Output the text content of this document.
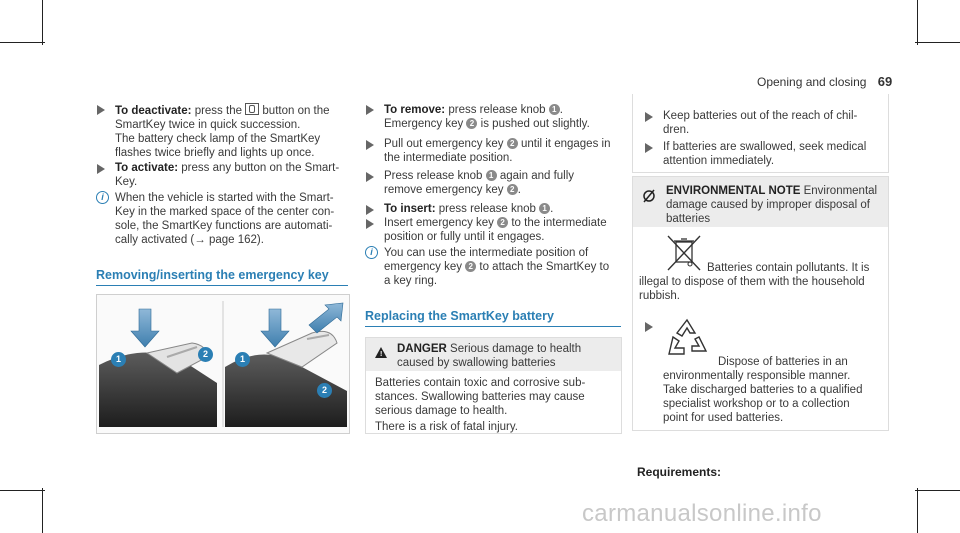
Opening and closing 69
To deactivate: press the button on the
SmartKey twice in quick succession.
The battery check lamp of the SmartKey
flashes twice briefly and lights up once.
To activate: press any button on the Smart-
Key.
i When the vehicle is started with the Smart-
Key in the marked space of the center con-
sole, the SmartKey functions are automati-
cally activated (→ page 162).
Removing/inserting the emergency key
1	2	1
2
To remove: press release knob 1 .
Emergency key 2 is pushed out slightly.
Pull out emergency key 2 until it engages in
the intermediate position.
Press release knob 1 again and fully
remove emergency key 2 .
To insert: press release knob 1 .
Insert emergency key 2 to the intermediate
position or fully until it engages.
i You can use the intermediate position of
emergency key 2 to attach the SmartKey to
a key ring.
Replacing the SmartKey battery
! DANGER Serious damage to health
caused by swallowing batteries
Batteries contain toxic and corrosive sub-
stances. Swallowing batteries may cause
serious damage to health.
There is a risk of fatal injury.
Keep batteries out of the reach of chil-
dren.
If batteries are swallowed, seek medical
attention immediately.
ENVIRONMENTAL NOTE Environmental
damage caused by improper disposal of
batteries
Batteries contain pollutants. It is
illegal to dispose of them with the household
rubbish.
Dispose of batteries in an
environmentally responsible manner.
Take discharged batteries to a qualified
specialist workshop or to a collection
point for used batteries.
Requirements:
carmanualsonline.info
